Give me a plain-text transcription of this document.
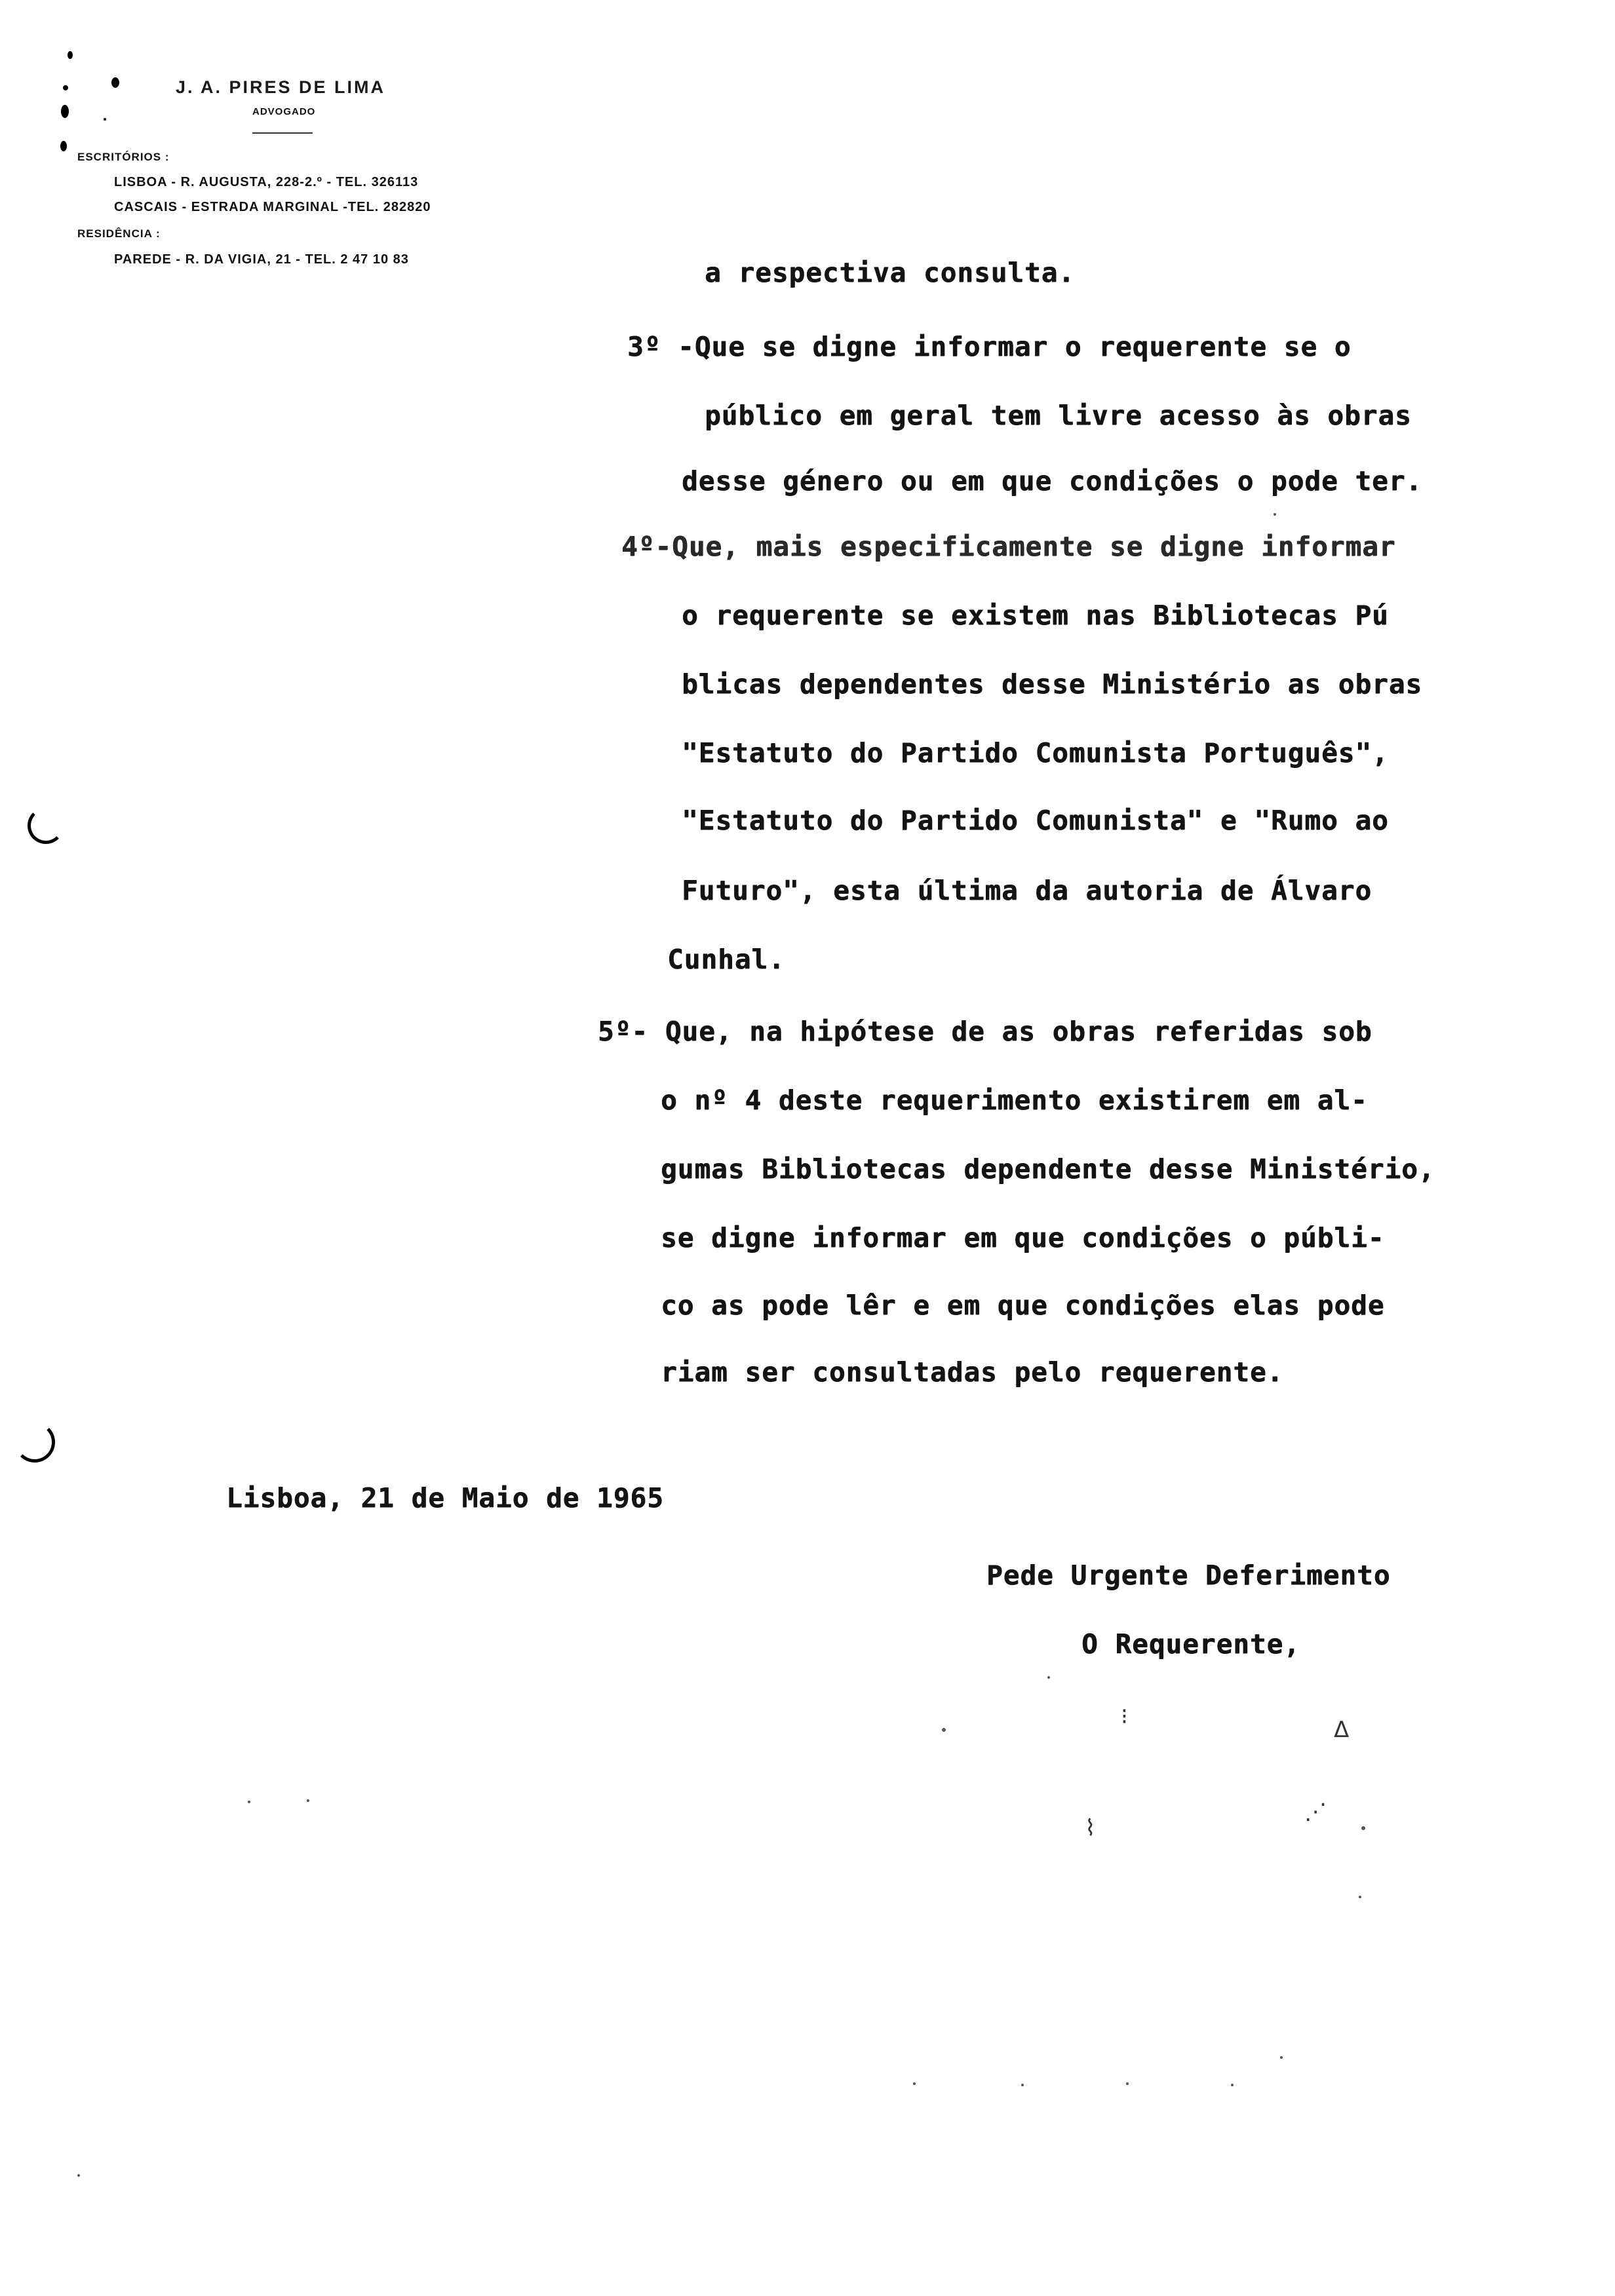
J. A. PIRES DE LIMA
ADVOGADO
ESCRITÓRIOS :
LISBOA - R. AUGUSTA, 228-2.º - TEL. 326113
CASCAIS - ESTRADA MARGINAL -TEL. 282820
RESIDÊNCIA :
PAREDE - R. DA VIGIA, 21 - TEL. 2 47 10 83	a respectiva consulta.
3º -Que se digne informar o requerente se o
público em geral tem livre acesso às obras
desse género ou em que condições o pode ter.
4º-Que, mais especificamente se digne informar
o requerente se existem nas Bibliotecas Pú
blicas dependentes desse Ministério as obras
"Estatuto do Partido Comunista Português",
"Estatuto do Partido Comunista" e "Rumo ao
Futuro", esta última da autoria de Álvaro
Cunhal.
5º- Que, na hipótese de as obras referidas sob
o nº 4 deste requerimento existirem em al-
gumas Bibliotecas dependente desse Ministério,
se digne informar em que condições o públi-
co as pode lêr e em que condições elas pode
riam ser consultadas pelo requerente.
Lisboa, 21 de Maio de 1965
Pede Urgente Deferimento
O Requerente,
⁝	Δ
⌇
⋰
